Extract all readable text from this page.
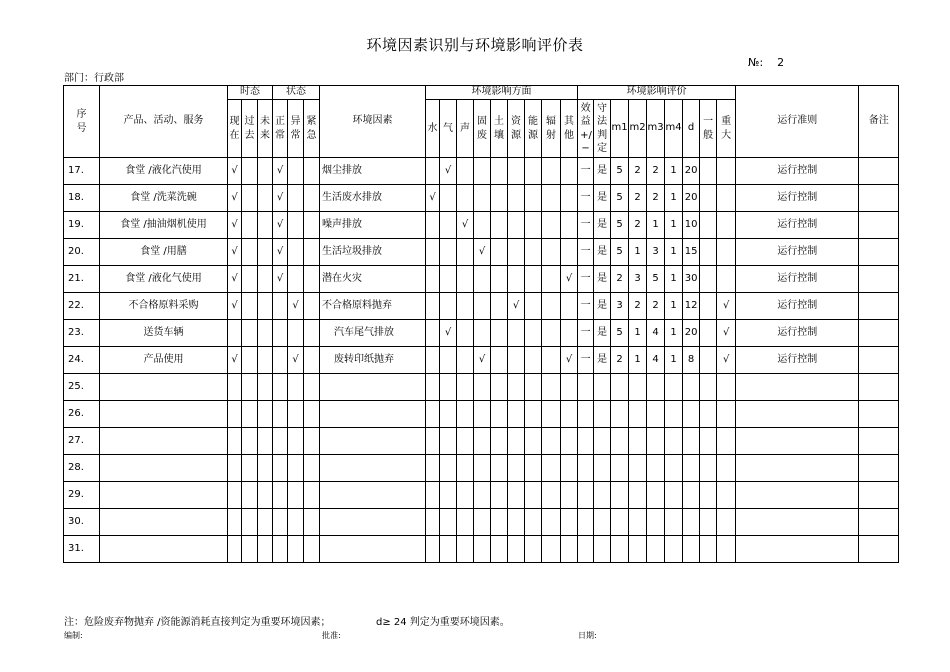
环境因素识别与环境影响评价表
№: 2
部门：行政部
序号	产品、活动、服务	时态			状态			环境因素	环境影响方面									环境影响评价									运行准则	备注
		现在	过去	未来	正常	异常	紧急		水	气	声	固废	土壤	资源	能源	辐射	其他	效益+/−	守法判定	m1	m2	m3	m4	d	一般	重大		
17.	食堂 /液化汽使用	√			√			烟尘排放		√								一	是	5	2	2	1	20			运行控制	
18.	食堂 /洗菜洗碗	√			√			生活废水排放	√									一	是	5	2	2	1	20			运行控制	
19.	食堂 /抽油烟机使用	√			√			噪声排放			√							一	是	5	2	1	1	10			运行控制	
20.	食堂 /用膳	√			√			生活垃圾排放				√						一	是	5	1	3	1	15			运行控制	
21.	食堂 /液化气使用	√			√			潜在火灾									√	一	是	2	3	5	1	30			运行控制	
22.	不合格原料采购	√				√		不合格原料抛弃						√				一	是	3	2	2	1	12		√	运行控制	
23.	送货车辆							汽车尾气排放		√								一	是	5	1	4	1	20		√	运行控制	
24.	产品使用	√				√		废转印纸抛弃				√					√	一	是	2	1	4	1	8		√	运行控制	
25.																												
26.																												
27.																												
28.																												
29.																												
30.																												
31.																												
注：危险废弃物抛弃 /资能源消耗直接判定为重要环境因素；	d≥ 24 判定为重要环境因素。
编制:	批准:	日期:
